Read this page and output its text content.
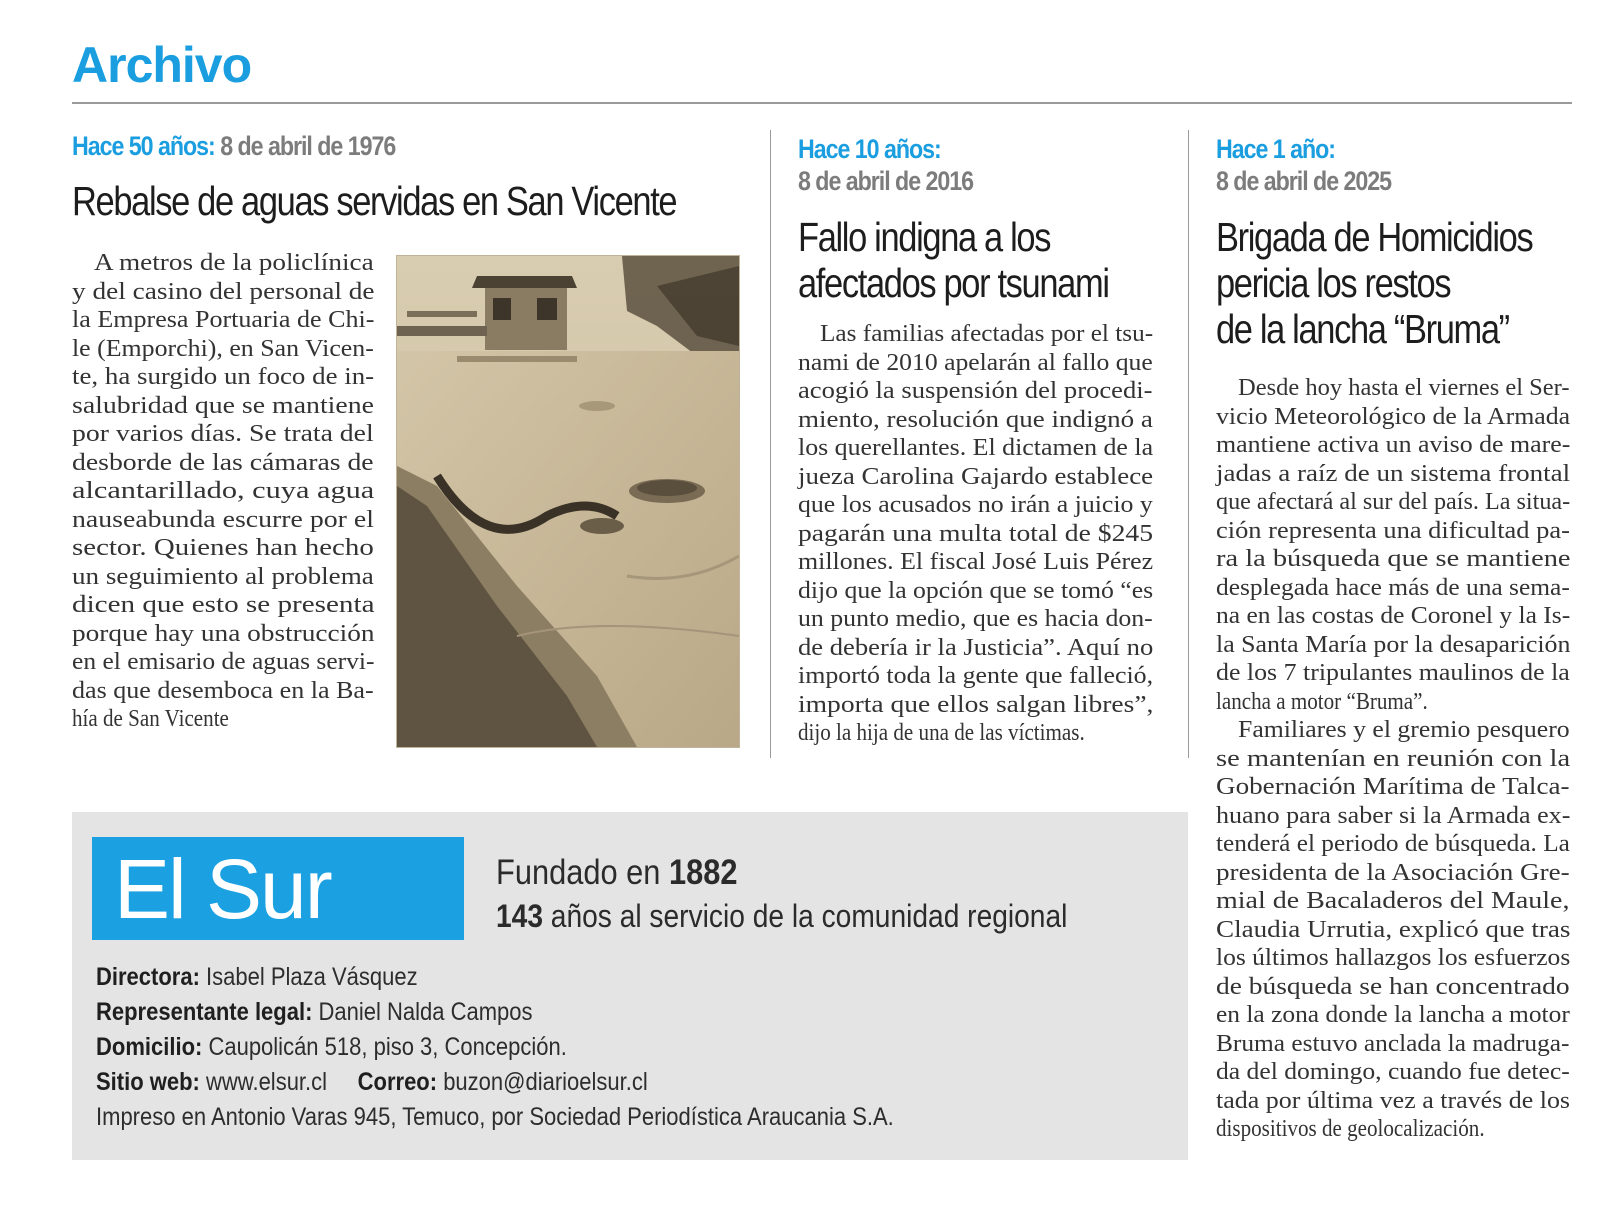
Archivo
Hace 50 años: 8 de abril de 1976
Rebalse de aguas servidas en San Vicente
A metros de la policlínica
y del casino del personal de
la Empresa Portuaria de Chi-
le (Emporchi), en San Vicen-
te, ha surgido un foco de in-
salubridad que se mantiene
por varios días. Se trata del
desborde de las cámaras de
alcantarillado, cuya agua
nauseabunda escurre por el
sector. Quienes han hecho
un seguimiento al problema
dicen que esto se presenta
porque hay una obstrucción
en el emisario de aguas servi-
das que desemboca en la Ba-
hía de San Vicente
Hace 10 años:
8 de abril de 2016
Fallo indigna a los
afectados por tsunami
Las familias afectadas por el tsu-
nami de 2010 apelarán al fallo que
acogió la suspensión del procedi-
miento, resolución que indignó a
los querellantes. El dictamen de la
jueza Carolina Gajardo establece
que los acusados no irán a juicio y
pagarán una multa total de $245
millones. El fiscal José Luis Pérez
dijo que la opción que se tomó “es
un punto medio, que es hacia don-
de debería ir la Justicia”. Aquí no
importó toda la gente que falleció,
importa que ellos salgan libres”,
dijo la hija de una de las víctimas.
Hace 1 año:
8 de abril de 2025
Brigada de Homicidios
pericia los restos
de la lancha “Bruma”
Desde hoy hasta el viernes el Ser-
vicio Meteorológico de la Armada
mantiene activa un aviso de mare-
jadas a raíz de un sistema frontal
que afectará al sur del país. La situa-
ción representa una dificultad pa-
ra la búsqueda que se mantiene
desplegada hace más de una sema-
na en las costas de Coronel y la Is-
la Santa María por la desaparición
de los 7 tripulantes maulinos de la
lancha a motor “Bruma”.
Familiares y el gremio pesquero
se mantenían en reunión con la
Gobernación Marítima de Talca-
huano para saber si la Armada ex-
tenderá el periodo de búsqueda. La
presidenta de la Asociación Gre-
mial de Bacaladeros del Maule,
Claudia Urrutia, explicó que tras
los últimos hallazgos los esfuerzos
de búsqueda se han concentrado
en la zona donde la lancha a motor
Bruma estuvo anclada la madruga-
da del domingo, cuando fue detec-
tada por última vez a través de los
dispositivos de geolocalización.
El Sur	Fundado en 1882
143 años al servicio de la comunidad regional
Directora: Isabel Plaza Vásquez
Representante legal: Daniel Nalda Campos
Domicilio: Caupolicán 518, piso 3, Concepción.
Sitio web: www.elsur.cl Correo: buzon@diarioelsur.cl
Impreso en Antonio Varas 945, Temuco, por Sociedad Periodística Araucania S.A.
